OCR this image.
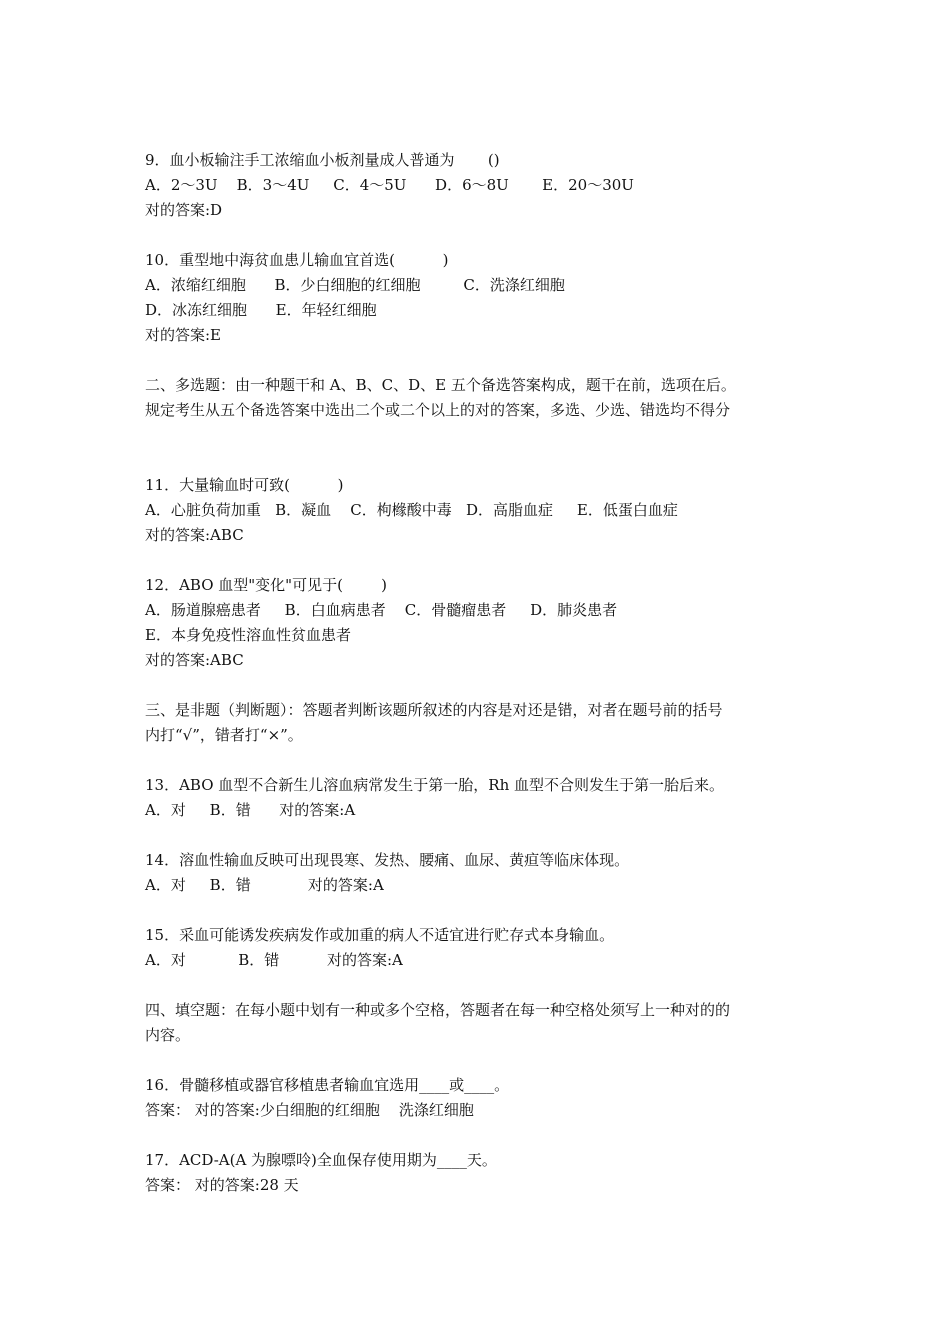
9．血小板输注手工浓缩血小板剂量成人普通为       ()
A．2～3U    B．3～4U     C．4～5U      D．6～8U       E．20～30U
对的答案:D
10．重型地中海贫血患儿输血宜首选(          )
A．浓缩红细胞      B．少白细胞的红细胞         C．洗涤红细胞
D．冰冻红细胞      E．年轻红细胞
对的答案:E
二、多选题：由一种题干和 A、B、C、D、E 五个备选答案构成，题干在前，选项在后。
规定考生从五个备选答案中选出二个或二个以上的对的答案，多选、少选、错选均不得分
11．大量输血时可致(          )
A．心脏负荷加重   B．凝血    C．枸橼酸中毒   D．高脂血症     E．低蛋白血症
对的答案:ABC
12．ABO 血型"变化"可见于(        )
A．肠道腺癌患者     B．白血病患者    C．骨髓瘤患者     D．肺炎患者
E．本身免疫性溶血性贫血患者
对的答案:ABC
三、是非题（判断题）：答题者判断该题所叙述的内容是对还是错，对者在题号前的括号
内打“√”，错者打“×”。
13．ABO 血型不合新生儿溶血病常发生于第一胎，Rh 血型不合则发生于第一胎后来。
A．对     B．错      对的答案:A
14．溶血性输血反映可出现畏寒、发热、腰痛、血尿、黄疸等临床体现。
A．对     B．错            对的答案:A
15．采血可能诱发疾病发作或加重的病人不适宜进行贮存式本身输血。
A．对           B．错          对的答案:A
四、填空题：在每小题中划有一种或多个空格，答题者在每一种空格处须写上一种对的的
内容。
16．骨髓移植或器官移植患者输血宜选用____或____。
答案： 对的答案:少白细胞的红细胞    洗涤红细胞
17．ACD-A(A 为腺嘌呤)全血保存使用期为____天。
答案： 对的答案:28 天
